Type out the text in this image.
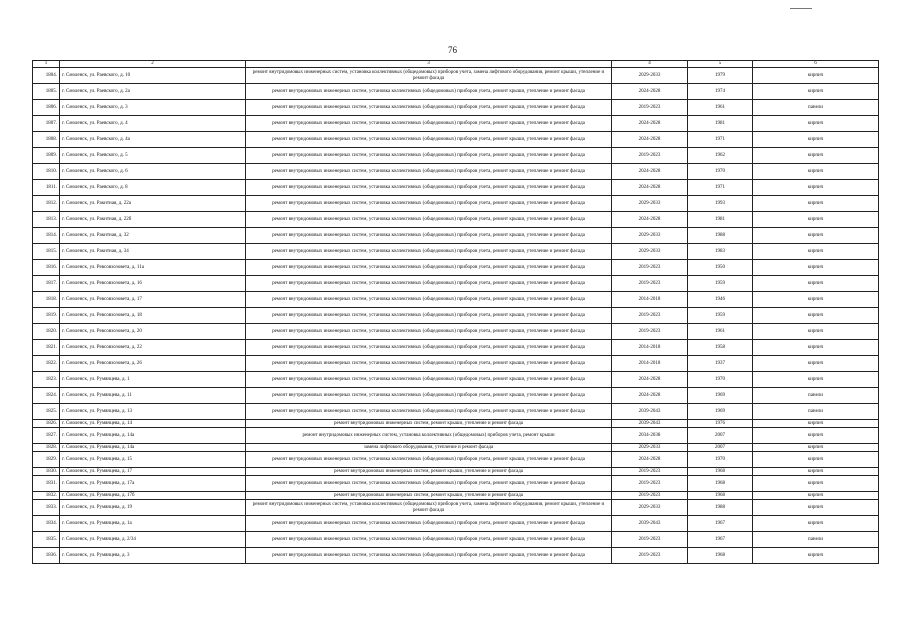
76
1	2	3	4	5	6
1804.	г. Смоленск, ул. Раевского, д. 10	ремонт внутридомовых инженерных систем, установка коллективных (общедомовых) приборов учета, замена лифтового оборудования, ремонт крыши, утепление и ремонт фасада	2029-2033	1979	кирпич
1805.	г. Смоленск, ул. Раевского, д. 2а	ремонт внутридомовых инженерных систем, установка коллективных (общедомовых) приборов учета, ремонт крыши, утепление и ремонт фасада	2024-2028	1974	кирпич
1806.	г. Смоленск, ул. Раевского, д. 3	ремонт внутридомовых инженерных систем, установка коллективных (общедомовых) приборов учета, ремонт крыши, утепление и ремонт фасада	2019-2023	1961	панели
1807.	г. Смоленск, ул. Раевского, д. 4	ремонт внутридомовых инженерных систем, установка коллективных (общедомовых) приборов учета, ремонт крыши, утепление и ремонт фасада	2024-2028	1981	кирпич
1808.	г. Смоленск, ул. Раевского, д. 4а	ремонт внутридомовых инженерных систем, установка коллективных (общедомовых) приборов учета, ремонт крыши, утепление и ремонт фасада	2024-2028	1971	кирпич
1809.	г. Смоленск, ул. Раевского, д. 5	ремонт внутридомовых инженерных систем, установка коллективных (общедомовых) приборов учета, ремонт крыши, утепление и ремонт фасада	2019-2023	1962	кирпич
1810.	г. Смоленск, ул. Раевского, д. 6	ремонт внутридомовых инженерных систем, установка коллективных (общедомовых) приборов учета, ремонт крыши, утепление и ремонт фасада	2024-2028	1970	кирпич
1811.	г. Смоленск, ул. Раевского, д. 8	ремонт внутридомовых инженерных систем, установка коллективных (общедомовых) приборов учета, ремонт крыши, утепление и ремонт фасада	2024-2028	1971	кирпич
1812.	г. Смоленск, ул. Ракитная, д. 22а	ремонт внутридомовых инженерных систем, установка коллективных (общедомовых) приборов учета, ремонт крыши, утепление и ремонт фасада	2029-2033	1993	кирпич
1813.	г. Смоленск, ул. Ракитная, д. 22б	ремонт внутридомовых инженерных систем, установка коллективных (общедомовых) приборов учета, ремонт крыши, утепление и ремонт фасада	2024-2028	1981	кирпич
1814.	г. Смоленск, ул. Ракитная, д. 32	ремонт внутридомовых инженерных систем, установка коллективных (общедомовых) приборов учета, ремонт крыши, утепление и ремонт фасада	2029-2033	1988	кирпич
1815.	г. Смоленск, ул. Ракитная, д. 34	ремонт внутридомовых инженерных систем, установка коллективных (общедомовых) приборов учета, ремонт крыши, утепление и ремонт фасада	2029-2033	1983	кирпич
1816.	г. Смоленск, ул. Ревсовхозовета, д. 11а	ремонт внутридомовых инженерных систем, установка коллективных (общедомовых) приборов учета, ремонт крыши, утепление и ремонт фасада	2019-2023	1950	кирпич
1817.	г. Смоленск, ул. Ревсовхозовета, д. 16	ремонт внутридомовых инженерных систем, установка коллективных (общедомовых) приборов учета, ремонт крыши, утепление и ремонт фасада	2019-2023	1959	кирпич
1818.	г. Смоленск, ул. Ревсовхозовета, д. 17	ремонт внутридомовых инженерных систем, установка коллективных (общедомовых) приборов учета, ремонт крыши, утепление и ремонт фасада	2014-2018	1946	кирпич
1819.	г. Смоленск, ул. Ревсовхозовета, д. 18	ремонт внутридомовых инженерных систем, установка коллективных (общедомовых) приборов учета, ремонт крыши, утепление и ремонт фасада	2019-2023	1959	кирпич
1820.	г. Смоленск, ул. Ревсовхозовета, д. 20	ремонт внутридомовых инженерных систем, установка коллективных (общедомовых) приборов учета, ремонт крыши, утепление и ремонт фасада	2019-2023	1961	кирпич
1821.	г. Смоленск, ул. Ревсовхозовета, д. 22	ремонт внутридомовых инженерных систем, установка коллективных (общедомовых) приборов учета, ремонт крыши, утепление и ремонт фасада	2014-2018	1958	кирпич
1822.	г. Смоленск, ул. Ревсовхозовета, д. 26	ремонт внутридомовых инженерных систем, установка коллективных (общедомовых) приборов учета, ремонт крыши, утепление и ремонт фасада	2014-2018	1937	кирпич
1823.	г. Смоленск, ул. Румянцева, д. 1	ремонт внутридомовых инженерных систем, установка коллективных (общедомовых) приборов учета, ремонт крыши, утепление и ремонт фасада	2024-2028	1970	кирпич
1824.	г. Смоленск, ул. Румянцева, д. 11	ремонт внутридомовых инженерных систем, установка коллективных (общедомовых) приборов учета, ремонт крыши, утепление и ремонт фасада	2024-2028	1969	панели
1825.	г. Смоленск, ул. Румянцева, д. 13	ремонт внутридомовых инженерных систем, установка коллективных (общедомовых) приборов учета, ремонт крыши, утепление и ремонт фасада	2039-2043	1969	панели
1826.	г. Смоленск, ул. Румянцева, д. 14	ремонт внутридомовых инженерных систем, ремонт крыши, утепление и ремонт фасада	2039-2043	1976	кирпич
1827.	г. Смоленск, ул. Румянцева, д. 14а	ремонт внутридомовых инженерных систем, установка коллективных (общедомовых) приборов учета, ремонт крыши	2034-2038	2007	кирпич
1828.	г. Смоленск, ул. Румянцева, д. 14а	замена лифтового оборудования, утепление и ремонт фасада	2029-2033	2007	кирпич
1829.	г. Смоленск, ул. Румянцева, д. 15	ремонт внутридомовых инженерных систем, установка коллективных (общедомовых) приборов учета, ремонт крыши, утепление и ремонт фасада	2024-2028	1970	кирпич
1830.	г. Смоленск, ул. Румянцева, д. 17	ремонт внутридомовых инженерных систем, ремонт крыши, утепление и ремонт фасада	2019-2023	1968	кирпич
1831.	г. Смоленск, ул. Румянцева, д. 17а	ремонт внутридомовых инженерных систем, установка коллективных (общедомовых) приборов учета, ремонт крыши, утепление и ремонт фасада	2019-2023	1968	кирпич
1832.	г. Смоленск, ул. Румянцева, д. 17б	ремонт внутридомовых инженерных систем, ремонт крыши, утепление и ремонт фасада	2019-2023	1968	кирпич
1833.	г. Смоленск, ул. Румянцева, д. 19	ремонт внутридомовых инженерных систем, установка коллективных (общедомовых) приборов учета, замена лифтового оборудования, ремонт крыши, утепление и ремонт фасада	2029-2033	1988	кирпич
1834.	г. Смоленск, ул. Румянцева, д. 1а	ремонт внутридомовых инженерных систем, установка коллективных (общедомовых) приборов учета, ремонт крыши, утепление и ремонт фасада	2039-2043	1967	кирпич
1835.	г. Смоленск, ул. Румянцева, д. 2/34	ремонт внутридомовых инженерных систем, установка коллективных (общедомовых) приборов учета, ремонт крыши, утепление и ремонт фасада	2019-2023	1967	панели
1836.	г. Смоленск, ул. Румянцева, д. 3	ремонт внутридомовых инженерных систем, установка коллективных (общедомовых) приборов учета, ремонт крыши, утепление и ремонт фасада	2019-2023	1968	кирпич
